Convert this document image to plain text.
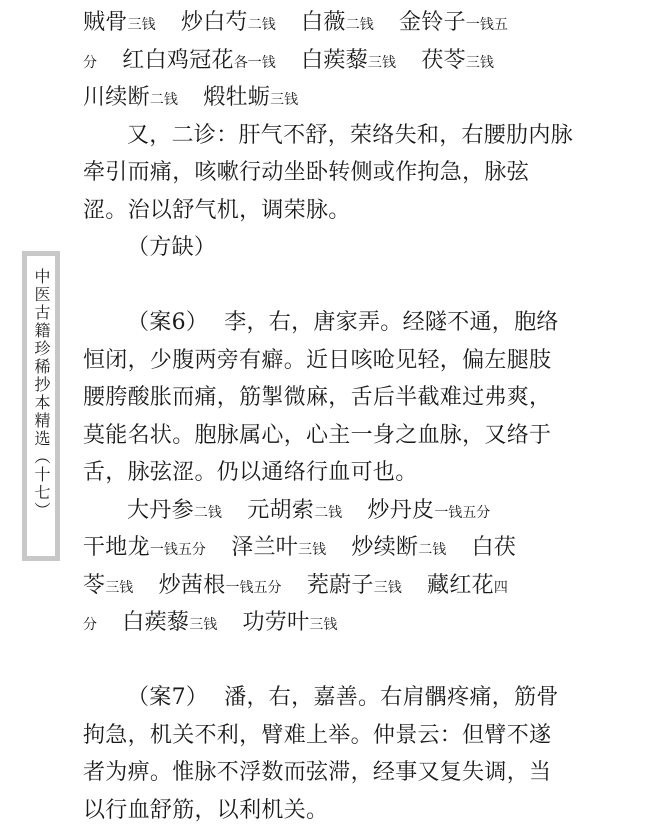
中医古籍珍稀抄本精选（十七）
贼骨三钱 炒白芍二钱 白薇二钱 金铃子一钱五
分 红白鸡冠花各一钱 白蒺藜三钱 茯苓三钱
川续断二钱 煅牡蛎三钱
又，二诊：肝气不舒，荣络失和，右腰肋内脉
牵引而痛，咳嗽行动坐卧转侧或作拘急，脉弦
涩。治以舒气机，调荣脉。
（方缺）
（案6） 李，右，唐家弄。经隧不通，胞络
恒闭，少腹两旁有癖。近日咳呛见轻，偏左腿肢
腰胯酸胀而痛，筋掣微麻，舌后半截难过弗爽，
莫能名状。胞脉属心，心主一身之血脉，又络于
舌，脉弦涩。仍以通络行血可也。
大丹参二钱 元胡索二钱 炒丹皮一钱五分
干地龙一钱五分 泽兰叶三钱 炒续断二钱 白茯
苓三钱 炒茜根一钱五分 茺蔚子三钱 藏红花四
分 白蒺藜三钱 功劳叶三钱
（案7） 潘，右，嘉善。右肩髃疼痛，筋骨
拘急，机关不利，臂难上举。仲景云：但臂不遂
者为痹。惟脉不浮数而弦滞，经事又复失调，当
以行血舒筋，以利机关。
